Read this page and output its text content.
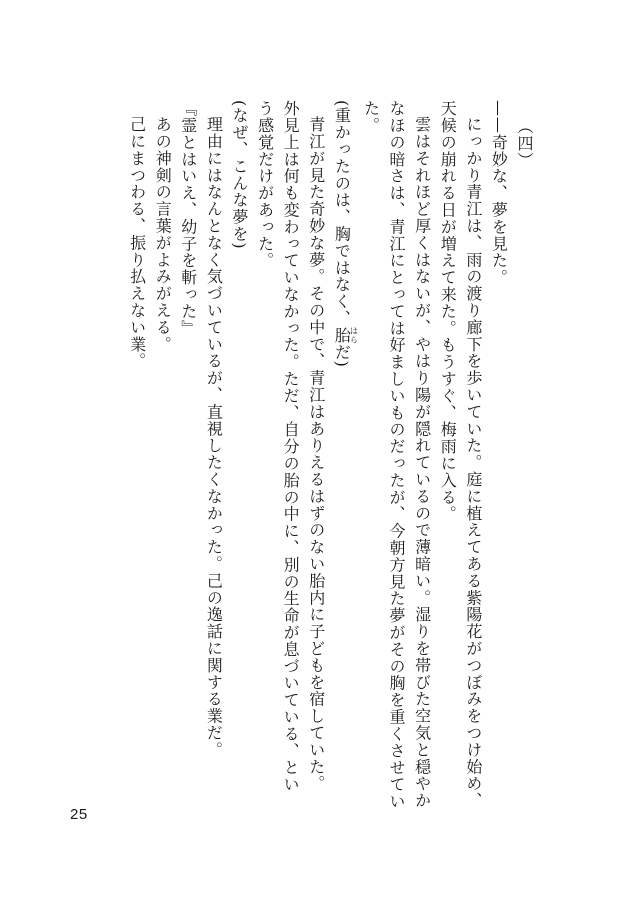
（四）

——奇妙な、夢を見た。

にっかり青江は、雨の渡り廊下を歩いていた。庭に植えてある紫陽花がつぼみをつけ始め、

天候の崩れる日が増えて来た。もうすぐ、梅雨に入る。

雲はそれほど厚くはないが、やはり陽が隠れているので薄暗い。湿りを帯びた空気と穏やか

なほの暗さは、青江にとっては好ましいものだったが、今朝方見た夢がその胸を重くさせてい

た。

(重かったのは、胸ではなく、胎はらだ)

青江が見た奇妙な夢。その中で、青江はありえるはずのない胎内に子どもを宿していた。

外見上は何も変わっていなかった。ただ、自分の胎の中に、別の生命が息づいている、とい

う感覚だけがあった。

(なぜ、こんな夢を)

理由にはなんとなく気づいているが、直視したくなかった。己の逸話に関する業だ。

『霊とはいえ、幼子を斬った』

あの神剣の言葉がよみがえる。

己にまつわる、振り払えない業。

25
